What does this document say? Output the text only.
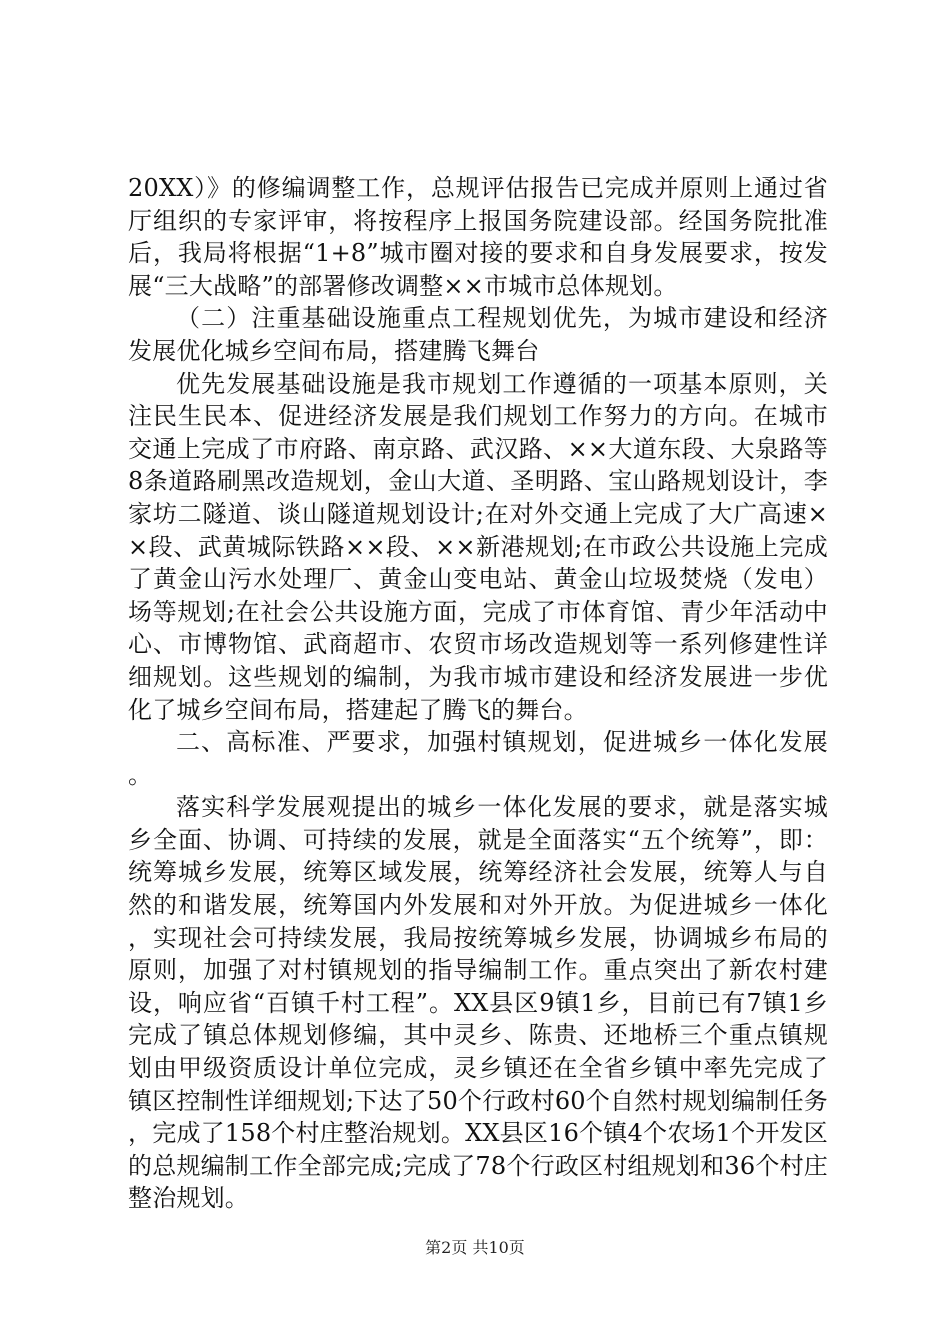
20XX）》的修编调整工作，总规评估报告已完成并原则上通过省厅组织的专家评审，将按程序上报国务院建设部。经国务院批准后，我局将根据“1+8”城市圈对接的要求和自身发展要求，按发展“三大战略”的部署修改调整××市城市总体规划。

（二）注重基础设施重点工程规划优先，为城市建设和经济发展优化城乡空间布局，搭建腾飞舞台

优先发展基础设施是我市规划工作遵循的一项基本原则，关注民生民本、促进经济发展是我们规划工作努力的方向。在城市交通上完成了市府路、南京路、武汉路、××大道东段、大泉路等8条道路刷黑改造规划，金山大道、圣明路、宝山路规划设计，李家坊二隧道、谈山隧道规划设计;在对外交通上完成了大广高速××段、武黄城际铁路××段、××新港规划;在市政公共设施上完成了黄金山污水处理厂、黄金山变电站、黄金山垃圾焚烧（发电）场等规划;在社会公共设施方面，完成了市体育馆、青少年活动中心、市博物馆、武商超市、农贸市场改造规划等一系列修建性详细规划。这些规划的编制，为我市城市建设和经济发展进一步优化了城乡空间布局，搭建起了腾飞的舞台。

二、高标准、严要求，加强村镇规划，促进城乡一体化发展。

落实科学发展观提出的城乡一体化发展的要求，就是落实城乡全面、协调、可持续的发展，就是全面落实“五个统筹”，即：统筹城乡发展，统筹区域发展，统筹经济社会发展，统筹人与自然的和谐发展，统筹国内外发展和对外开放。为促进城乡一体化，实现社会可持续发展，我局按统筹城乡发展，协调城乡布局的原则，加强了对村镇规划的指导编制工作。重点突出了新农村建设，响应省“百镇千村工程”。XX县区9镇1乡，目前已有7镇1乡完成了镇总体规划修编，其中灵乡、陈贵、还地桥三个重点镇规划由甲级资质设计单位完成，灵乡镇还在全省乡镇中率先完成了镇区控制性详细规划;下达了50个行政村60个自然村规划编制任务，完成了158个村庄整治规划。XX县区16个镇4个农场1个开发区的总规编制工作全部完成;完成了78个行政区村组规划和36个村庄整治规划。

第2页 共10页
